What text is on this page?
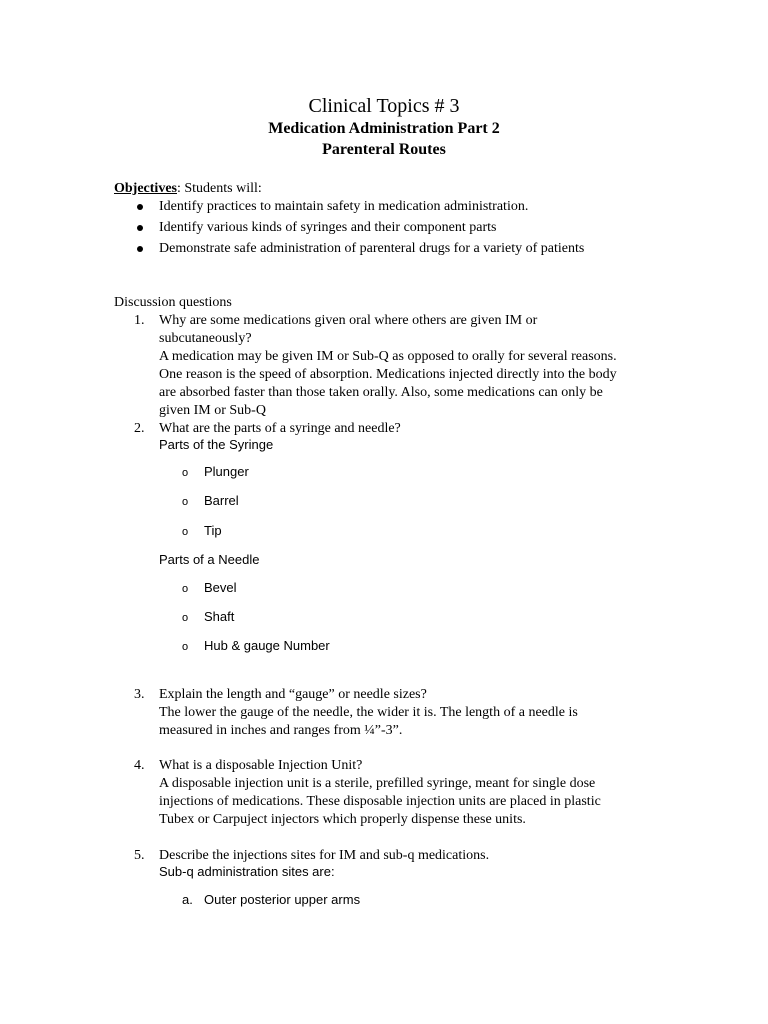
Clinical Topics # 3
Medication Administration Part 2
Parenteral Routes
Objectives: Students will:
Identify practices to maintain safety in medication administration.
Identify various kinds of syringes and their component parts
Demonstrate safe administration of parenteral drugs for a variety of patients
Discussion questions
1. Why are some medications given oral where others are given IM or
subcutaneously?
A medication may be given IM or Sub-Q as opposed to orally for several reasons.
One reason is the speed of absorption. Medications injected directly into the body
are absorbed faster than those taken orally. Also, some medications can only be
given IM or Sub-Q
2. What are the parts of a syringe and needle?
Parts of the Syringe
o Plunger
o Barrel
o Tip
Parts of a Needle
o Bevel
o Shaft
o Hub & gauge Number
3. Explain the length and “gauge” or needle sizes?
The lower the gauge of the needle, the wider it is. The length of a needle is
measured in inches and ranges from ¼”-3”.
4. What is a disposable Injection Unit?
A disposable injection unit is a sterile, prefilled syringe, meant for single dose
injections of medications. These disposable injection units are placed in plastic
Tubex or Carpuject injectors which properly dispense these units.
5. Describe the injections sites for IM and sub-q medications.
Sub-q administration sites are:
a. Outer posterior upper arms
